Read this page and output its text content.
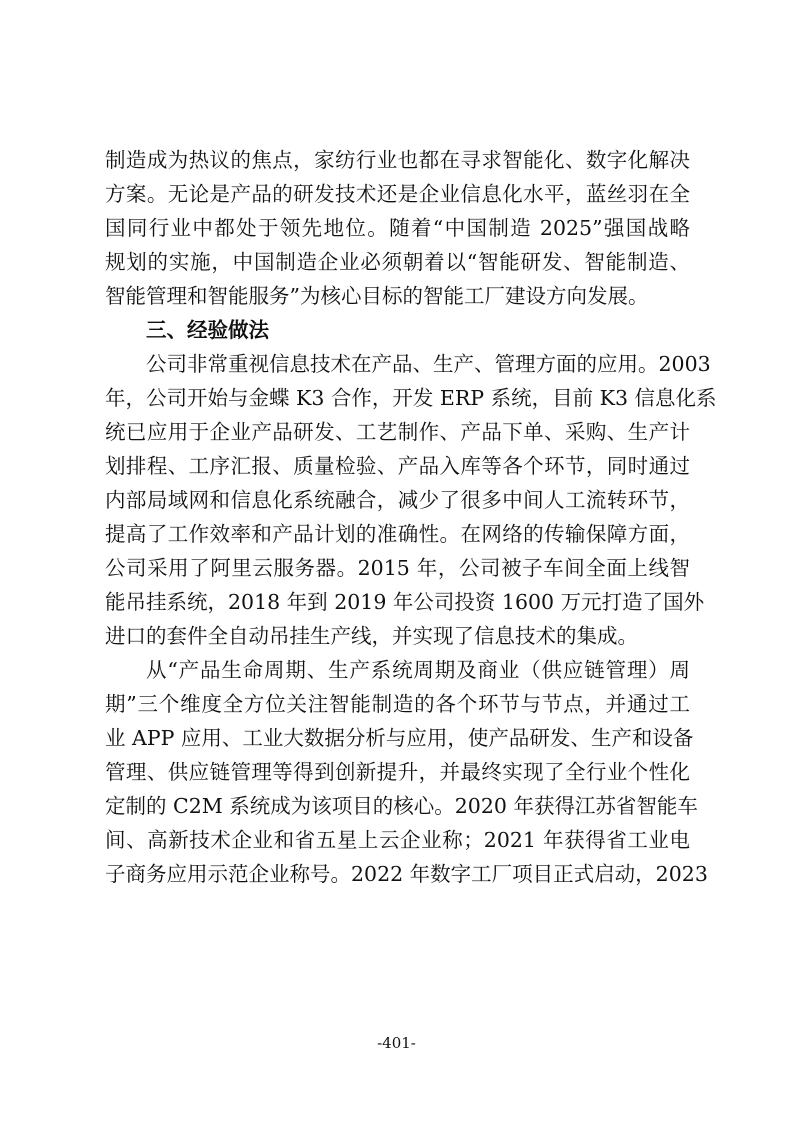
制造成为热议的焦点，家纺行业也都在寻求智能化、数字化解决
方案。无论是产品的研发技术还是企业信息化水平，蓝丝羽在全
国同行业中都处于领先地位。随着“中国制造 2025”强国战略
规划的实施，中国制造企业必须朝着以“智能研发、智能制造、
智能管理和智能服务”为核心目标的智能工厂建设方向发展。
三、经验做法
公司非常重视信息技术在产品、生产、管理方面的应用。2003
年，公司开始与金蝶 K3 合作，开发 ERP 系统，目前 K3 信息化系
统已应用于企业产品研发、工艺制作、产品下单、采购、生产计
划排程、工序汇报、质量检验、产品入库等各个环节，同时通过
内部局域网和信息化系统融合，减少了很多中间人工流转环节，
提高了工作效率和产品计划的准确性。在网络的传输保障方面，
公司采用了阿里云服务器。2015 年，公司被子车间全面上线智
能吊挂系统，2018 年到 2019 年公司投资 1600 万元打造了国外
进口的套件全自动吊挂生产线，并实现了信息技术的集成。
从“产品生命周期、生产系统周期及商业（供应链管理）周
期”三个维度全方位关注智能制造的各个环节与节点，并通过工
业 APP 应用、工业大数据分析与应用，使产品研发、生产和设备
管理、供应链管理等得到创新提升，并最终实现了全行业个性化
定制的 C2M 系统成为该项目的核心。2020 年获得江苏省智能车
间、高新技术企业和省五星上云企业称；2021 年获得省工业电
子商务应用示范企业称号。2022 年数字工厂项目正式启动，2023
-401-
